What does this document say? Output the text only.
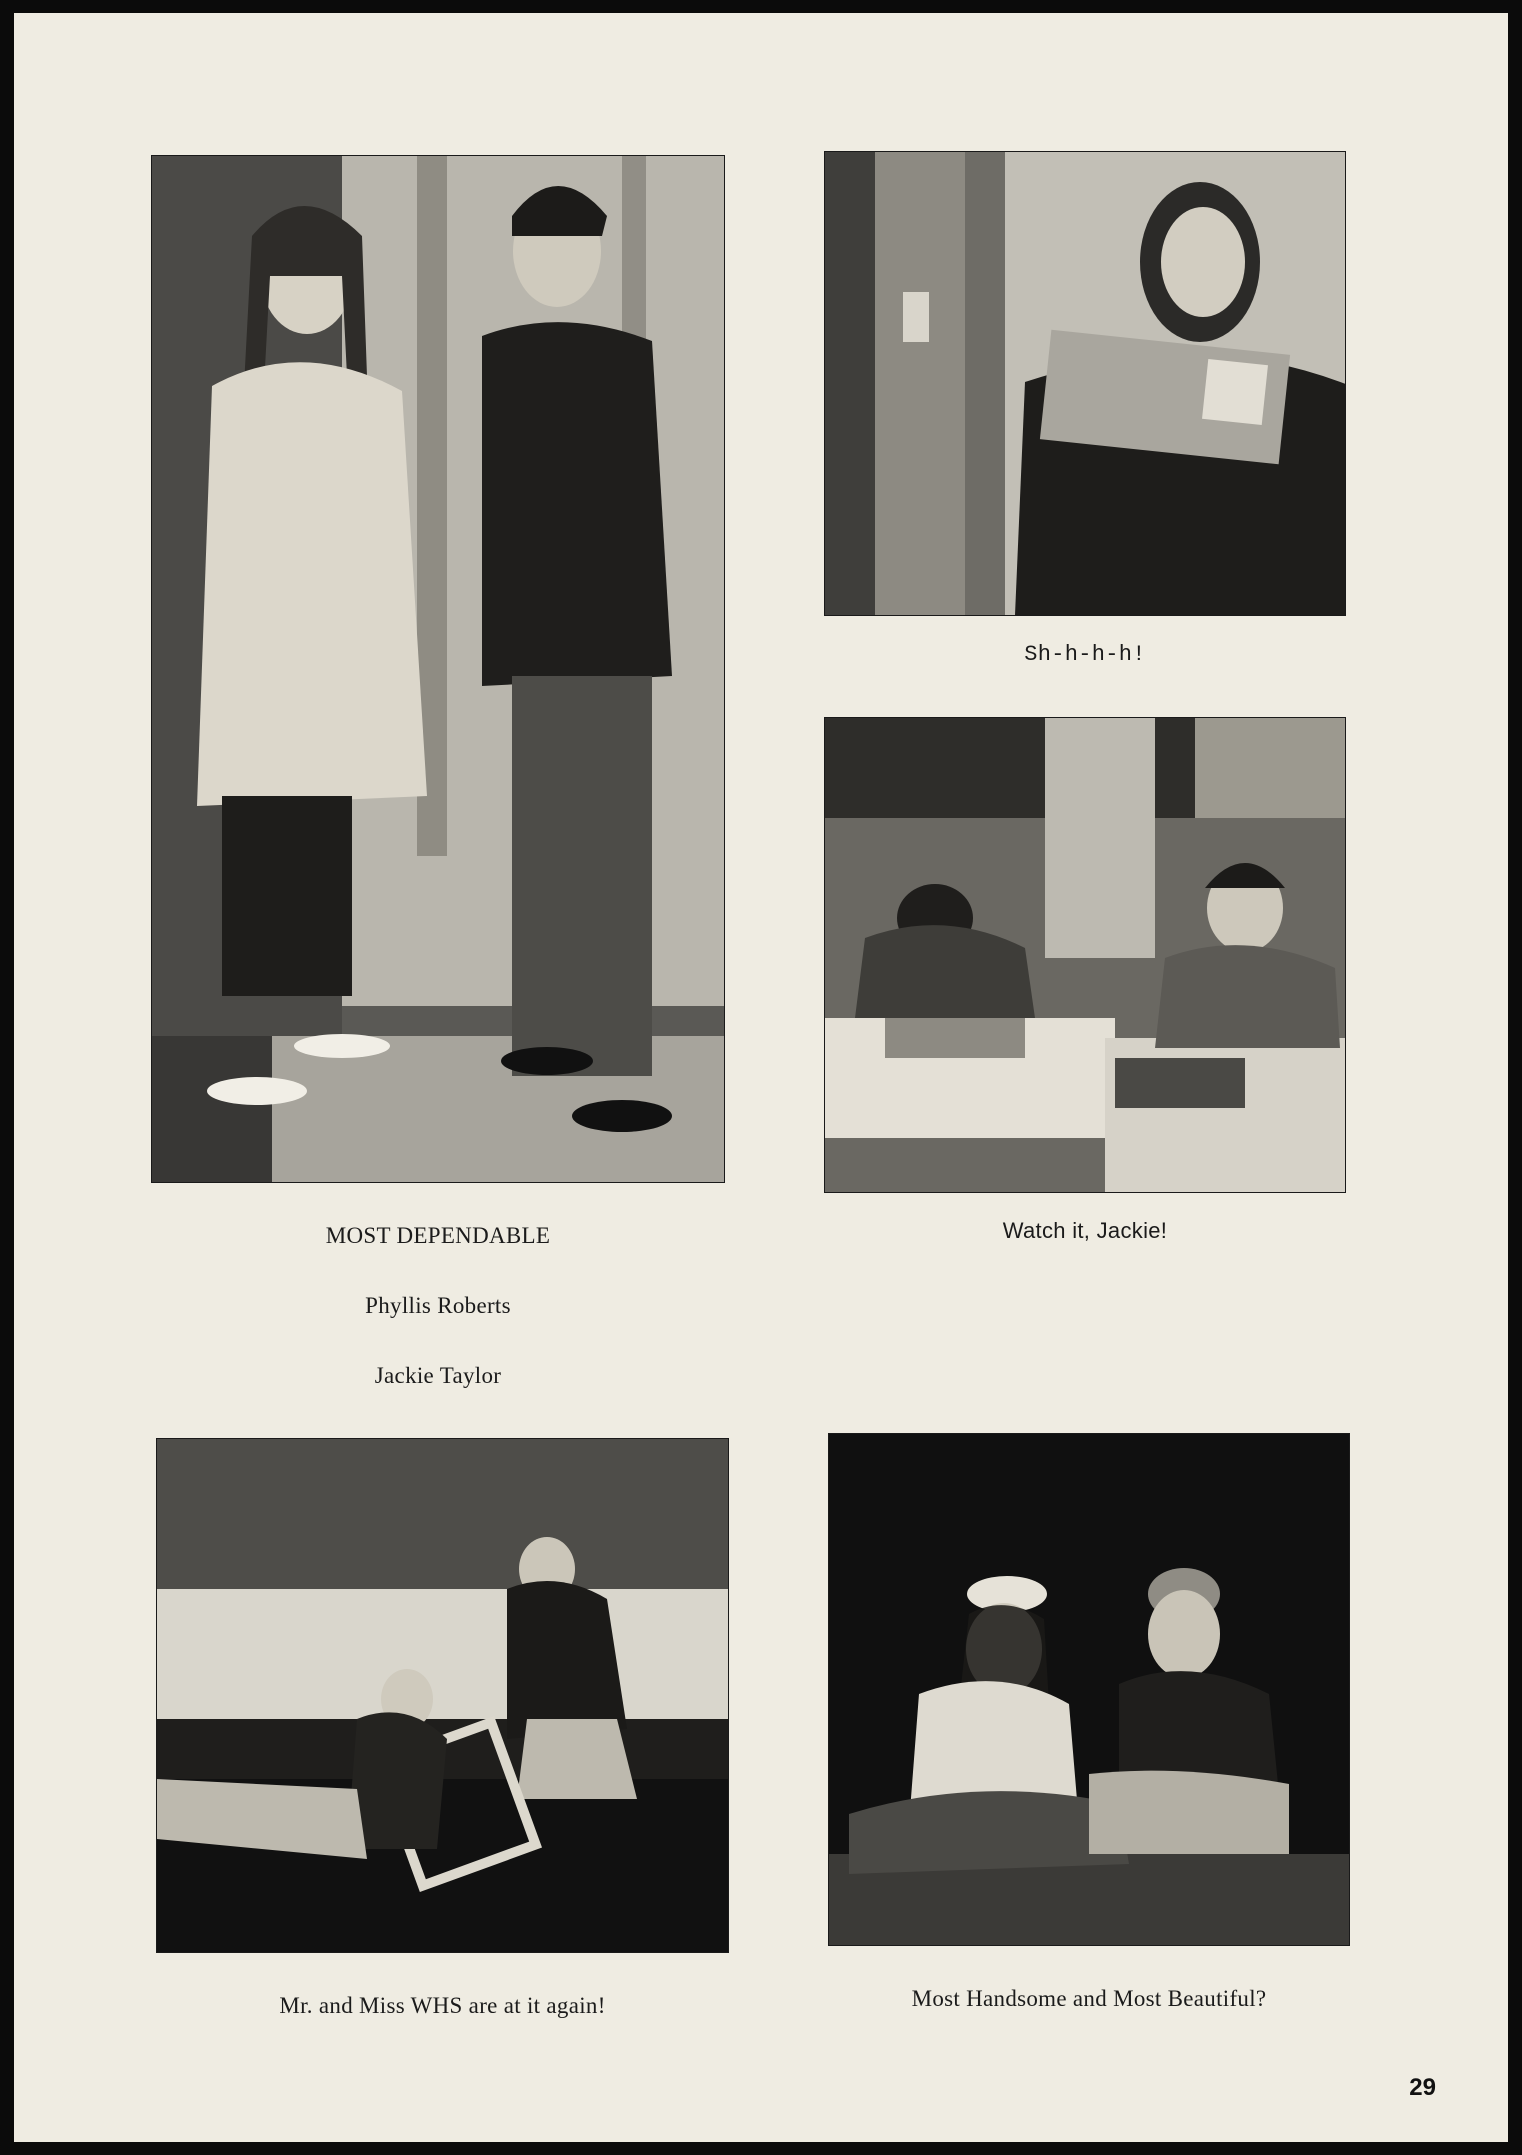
MOST DEPENDABLE
Phyllis Roberts
Jackie Taylor
Sh-h-h-h!
Watch it, Jackie!
Mr. and Miss WHS are at it again!	Most Handsome and Most Beautiful?
29
